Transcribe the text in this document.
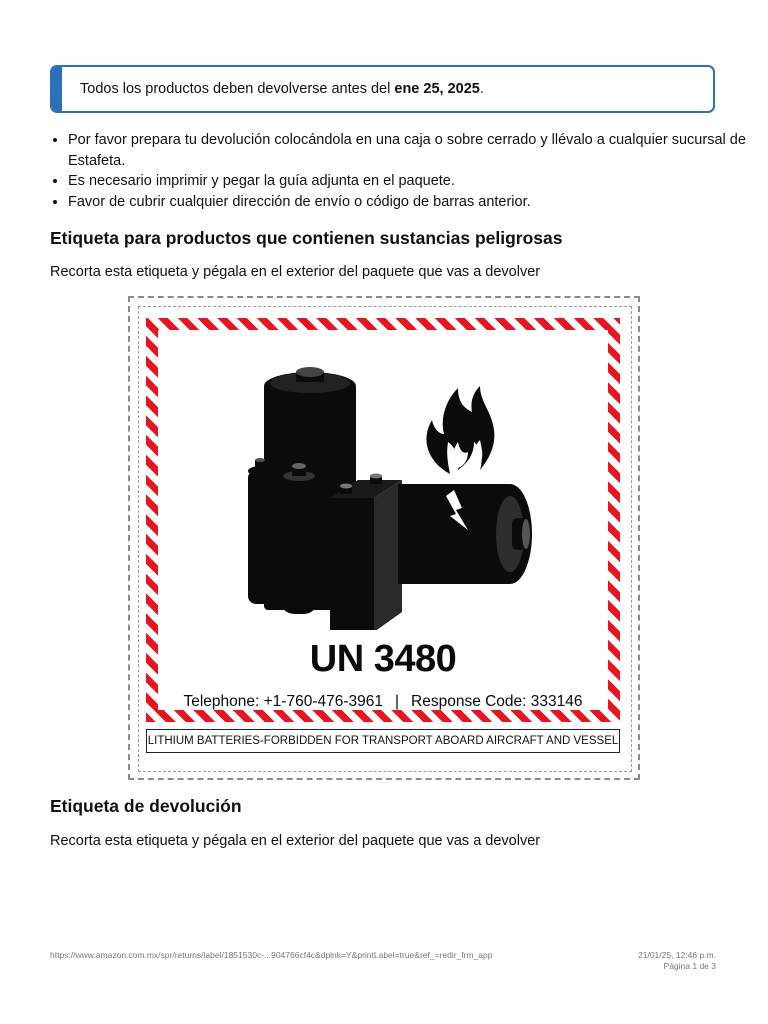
Todos los productos deben devolverse antes del ene 25, 2025.
• Por favor prepara tu devolución colocándola en una caja o sobre cerrado y llévalo a cualquier sucursal de Estafeta.
• Es necesario imprimir y pegar la guía adjunta en el paquete.
• Favor de cubrir cualquier dirección de envío o código de barras anterior.
Etiqueta para productos que contienen sustancias peligrosas

Recorta esta etiqueta y pégala en el exterior del paquete que vas a devolver

UN 3480
Telephone: +1-760-476-3961 | Response Code: 333146
LITHIUM BATTERIES-FORBIDDEN FOR TRANSPORT ABOARD AIRCRAFT AND VESSEL
Etiqueta de devolución

Recorta esta etiqueta y pégala en el exterior del paquete que vas a devolver

https://www.amazon.com.mx/spr/returns/label/1851530c-...904766cf4c&dplnk=Y&printLabel=true&ref_=redir_frm_app	21/01/25, 12:46 p.m.
Página 1 de 3
